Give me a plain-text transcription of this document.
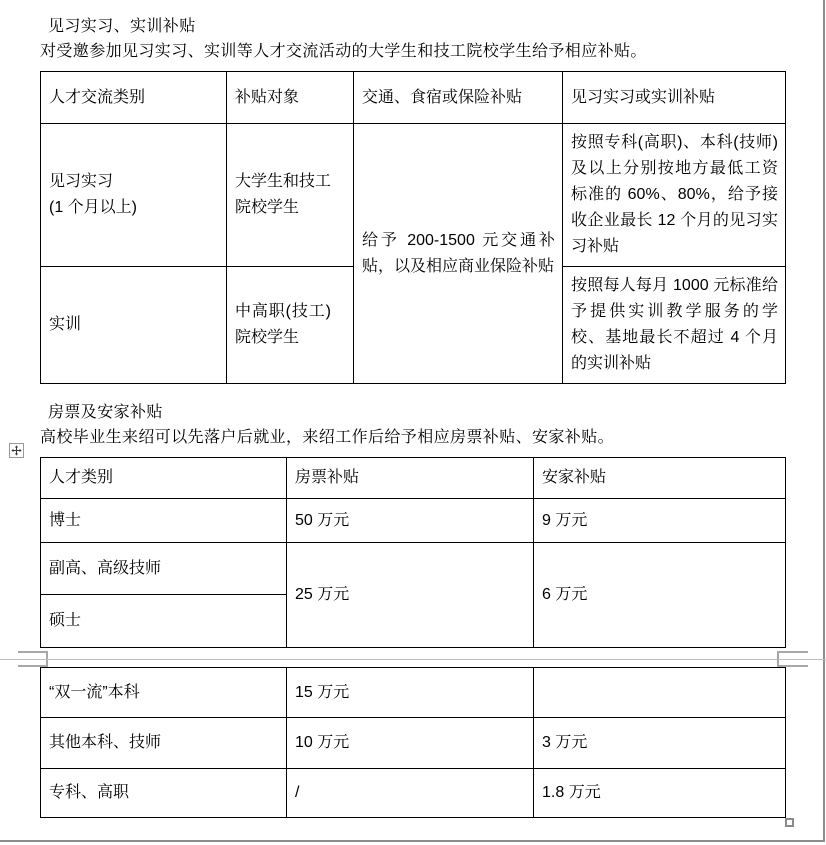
见习实习、实训补贴
对受邀参加见习实习、实训等人才交流活动的大学生和技工院校学生给予相应补贴。
人才交流类别	补贴对象	交通、食宿或保险补贴	见习实习或实训补贴

见习实习
(1 个月以上)	大学生和技工院校学生	给予 200-1500 元交通补贴，以及相应商业保险补贴	按照专科(高职)、本科(技师)及以上分别按地方最低工资标准的 60%、80%，给予接收企业最长 12 个月的见习实习补贴
实训	中高职(技工)院校学生		按照每人每月 1000 元标准给予提供实训教学服务的学校、基地最长不超过 4 个月的实训补贴
房票及安家补贴
高校毕业生来绍可以先落户后就业，来绍工作后给予相应房票补贴、安家补贴。
人才类别	房票补贴	安家补贴
博士	50 万元	9 万元
副高、高级技师	25 万元	6 万元
硕士		
“双一流”本科	15 万元	
其他本科、技师	10 万元	3 万元
专科、高职	/	1.8 万元
